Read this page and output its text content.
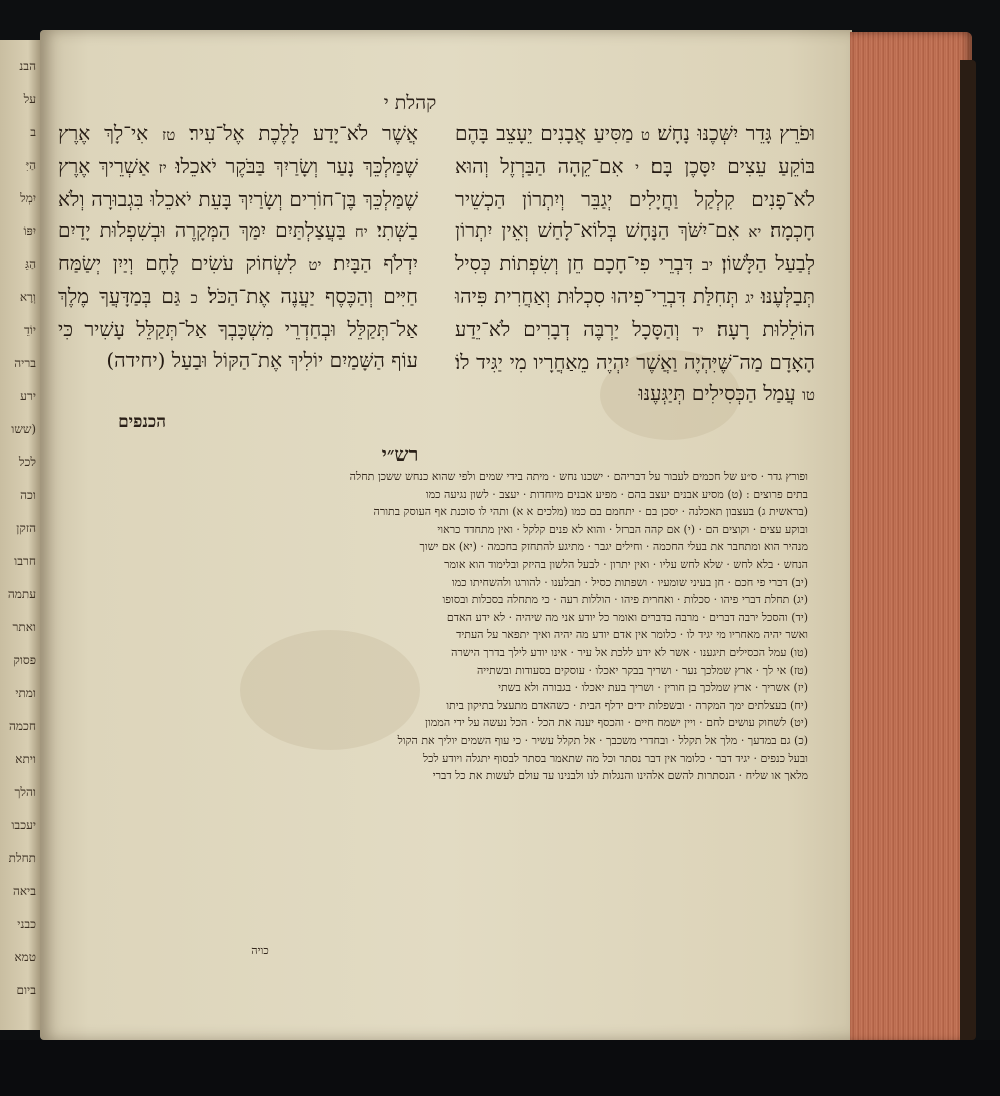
הבנ
על
ב
הַיִּ
יִמְל
יִפּוֹ
הַגֵּ
וְרָא
יוֹדֵ
בריה
ירע
(ששו
לכל
וכה
הזקן
חרבו
עתמה
ואתר
פסוק
ומתי
חכמה
ויתא
והלך
יעכבו
תחלת
ביאה
כבני
טמא
ביום
קהלת י
וּפֹרֵץ גָּדֵר יִשְּׁכֶנּוּ נָחָשׁ׃ ט מַסִּיעַ אֲבָנִים יֵעָצֵב בָּהֶם בּוֹקֵעַ עֵצִים יִסָּכֶן בָּם׃ י אִם־קֵהָה הַבַּרְזֶל וְהוּא לֹא־פָנִים קִלְקַל וַחֲיָלִים יְגַבֵּר וְיִתְרוֹן הַכְשֵׁיר חָכְמָה׃ יא אִם־יִשֹּׁךְ הַנָּחָשׁ בְּלוֹא־לָחַשׁ וְאֵין יִתְרוֹן לְבַעַל הַלָּשׁוֹן׃ יב דִּבְרֵי פִי־חָכָם חֵן וְשִׂפְתוֹת כְּסִיל תְּבַלְּעֶנּוּ׃ יג תְּחִלַּת דִּבְרֵי־פִיהוּ סִכְלוּת וְאַחֲרִית פִּיהוּ הוֹלֵלוּת רָעָה׃ יד וְהַסָּכָל יַרְבֶּה דְבָרִים לֹא־יֵדַע הָאָדָם מַה־שֶּׁיִּהְיֶה וַאֲשֶׁר יִהְיֶה מֵאַחֲרָיו מִי יַגִּיד לוֹ׃ טו עֲמַל הַכְּסִילִים תְּיַגְּעֶנּוּ
אֲשֶׁר לֹא־יָדַע לָלֶכֶת אֶל־עִיר׃ טז אִי־לָךְ אֶרֶץ שֶׁמַּלְכֵּךְ נָעַר וְשָׂרַיִךְ בַּבֹּקֶר יֹאכֵלוּ׃ יז אַשְׁרֵיךְ אֶרֶץ שֶׁמַּלְכֵּךְ בֶּן־חוֹרִים וְשָׂרַיִךְ בָּעֵת יֹאכֵלוּ בִּגְבוּרָה וְלֹא בַשְּׁתִי׃ יח בַּעֲצַלְתַּיִם יִמַּךְ הַמְּקָרֶה וּבְשִׁפְלוּת יָדַיִם יִדְלֹף הַבָּיִת׃ יט לִשְׂחוֹק עֹשִׂים לֶחֶם וְיַיִן יְשַׂמַּח חַיִּים וְהַכֶּסֶף יַעֲנֶה אֶת־הַכֹּל׃ כ גַּם בְּמַדָּעֲךָ מֶלֶךְ אַל־תְּקַלֵּל וּבְחַדְרֵי מִשְׁכָּבְךָ אַל־תְּקַלֵּל עָשִׁיר כִּי עוֹף הַשָּׁמַיִם יוֹלִיךְ אֶת־הַקּוֹל וּבַעַל (יחידה)
הכנפים
רש״י
ופורץ גדר · ס״ע של חכמים לעבור על דבריהם · ישכנו נחש · מיתה בידי שמים ולפי שהוא כנחש ששכן תחלה
בתים פרוצים : (ט) מסיע אבנים יעצב בהם · מפיע אבנים מיוחדות · יעצב · לשון נגיעה כמו
(בראשית ג) בעצבון תאכלנה · יסכן בם · יתחמם בם כמו (מלכים א א) ותהי לו סוכנת אף העוסק בתורה
ובוקע עצים · וקוצים הם · (י) אם קהה הברזל · והוא לא פנים קלקל · ואין מתחדד כראוי
מנהיר הוא ומתחבר את בעלי החכמה · וחילים יגבר · מתיגע להתחזק בחכמה · (יא) אם ישוך
הנחש · בלא לחש · שלא לחש עליו · ואין יתרון · לבעל הלשון בהיזק ובלימוד הוא אומר
(יב) דברי פי חכם · חן בעיני שומעיו · ושפתות כסיל · תבלענו · להורגו ולהשחיתו כמו
(יג) תחלת דברי פיהו · סכלות · ואחרית פיהו · הוללות רעה · כי מתחלה בסכלות ובסופו
(יד) והסכל ירבה דברים · מרבה בדברים ואומר כל יודע אני מה שיהיה · לא ידע האדם
ואשר יהיה מאחריו מי יגיד לו · כלומר אין אדם יודע מה יהיה ואיך יתפאר על העתיד
(טו) עמל הכסילים תיגענו · אשר לא ידע ללכת אל עיר · אינו יודע לילך בדרך הישרה
(טז) אי לך · ארץ שמלכך נער · ושריך בבקר יאכלו · עוסקים בסעודות ובשתייה
(יז) אשריך · ארץ שמלכך בן חורין · ושריך בעת יאכלו · בגבורה ולא בשתי
(יח) בעצלתים ימך המקרה · ובשפלות ידים ידלף הבית · כשהאדם מתעצל בתיקון ביתו
(יט) לשחוק עושים לחם · ויין ישמח חיים · והכסף יענה את הכל · הכל נעשה על ידי הממון
(כ) גם במדעך · מלך אל תקלל · ובחדרי משכבך · אל תקלל עשיר · כי עוף השמים יוליך את הקול
ובעל כנפים · יגיד דבר · כלומר אין דבר נסתר וכל מה שתאמר בסתר לבסוף יתגלה ויודע לכל
מלאך או שליח · הנסתרות להשם אלהינו והנגלות לנו ולבנינו עד עולם לעשות את כל דברי
כויה
